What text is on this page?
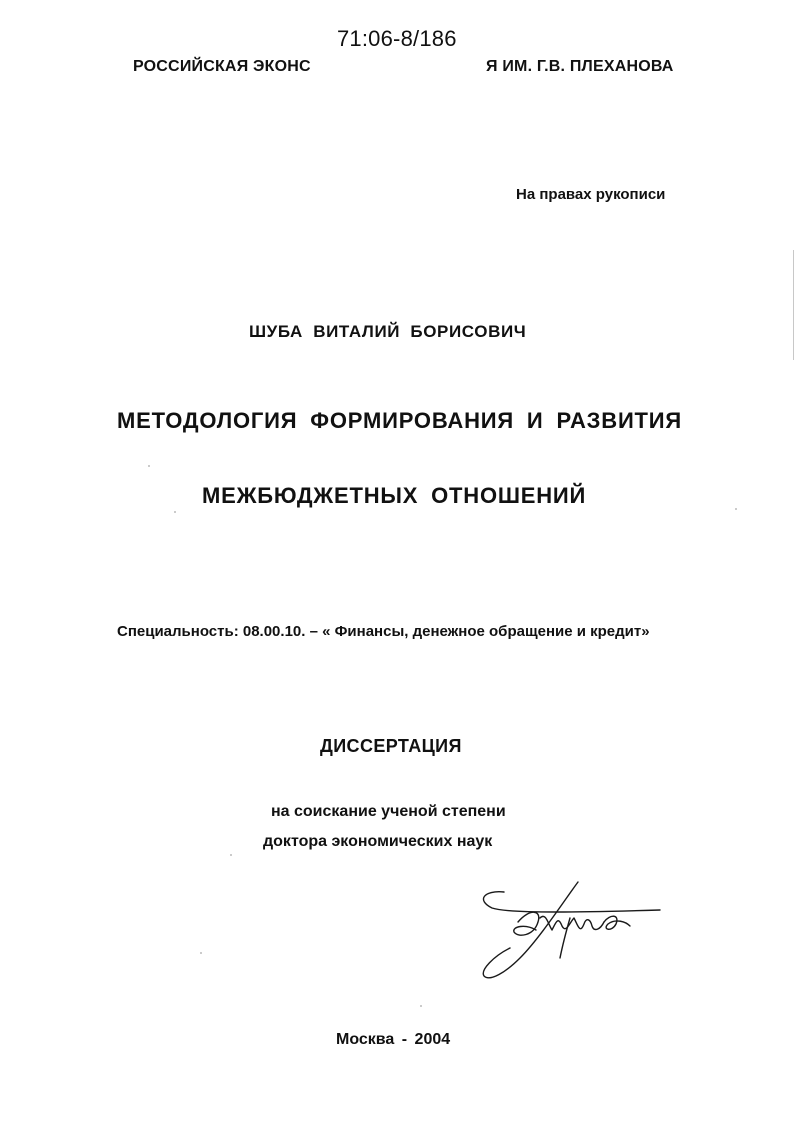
71:06-8/186
РОССИЙСКАЯ ЭКОНС	Я ИМ. Г.В. ПЛЕХАНОВА
На правах рукописи
ШУБА ВИТАЛИЙ БОРИСОВИЧ
МЕТОДОЛОГИЯ ФОРМИРОВАНИЯ И РАЗВИТИЯ
МЕЖБЮДЖЕТНЫХ ОТНОШЕНИЙ
Специальность: 08.00.10. – « Финансы, денежное обращение и кредит»
ДИССЕРТАЦИЯ
на соискание ученой степени
доктора экономических наук
Москва - 2004
